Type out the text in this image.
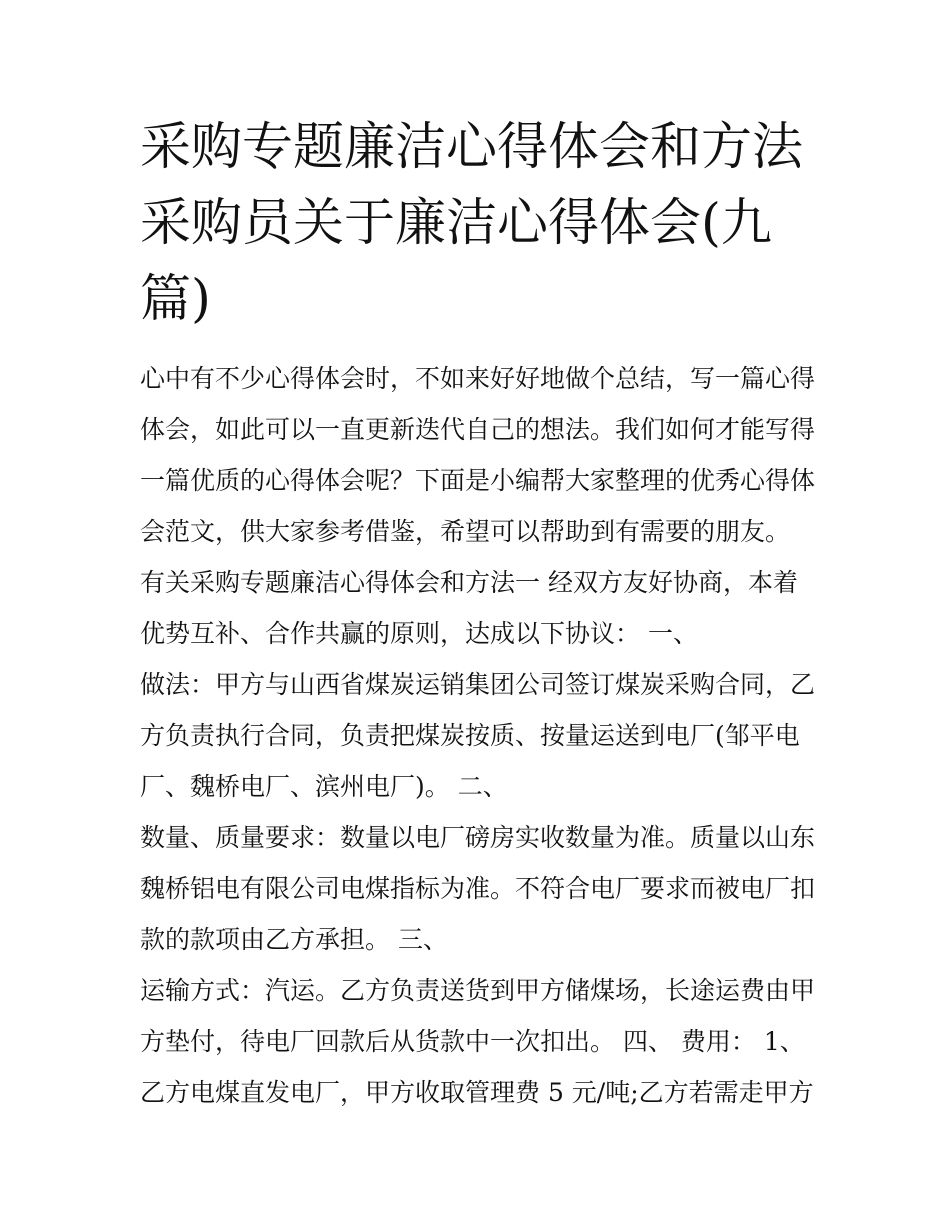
采购专题廉洁心得体会和方法
采购员关于廉洁心得体会(九
篇)
心中有不少心得体会时，不如来好好地做个总结，写一篇心得
体会，如此可以一直更新迭代自己的想法。我们如何才能写得
一篇优质的心得体会呢？下面是小编帮大家整理的优秀心得体
会范文，供大家参考借鉴，希望可以帮助到有需要的朋友。
有关采购专题廉洁心得体会和方法一 经双方友好协商，本着
优势互补、合作共赢的原则，达成以下协议： 一、
做法：甲方与山西省煤炭运销集团公司签订煤炭采购合同，乙
方负责执行合同，负责把煤炭按质、按量运送到电厂(邹平电
厂、魏桥电厂、滨州电厂)。 二、
数量、质量要求：数量以电厂磅房实收数量为准。质量以山东
魏桥铝电有限公司电煤指标为准。不符合电厂要求而被电厂扣
款的款项由乙方承担。 三、
运输方式：汽运。乙方负责送货到甲方储煤场，长途运费由甲
方垫付，待电厂回款后从货款中一次扣出。 四、 费用： 1、
乙方电煤直发电厂，甲方收取管理费 5 元/吨;乙方若需走甲方
